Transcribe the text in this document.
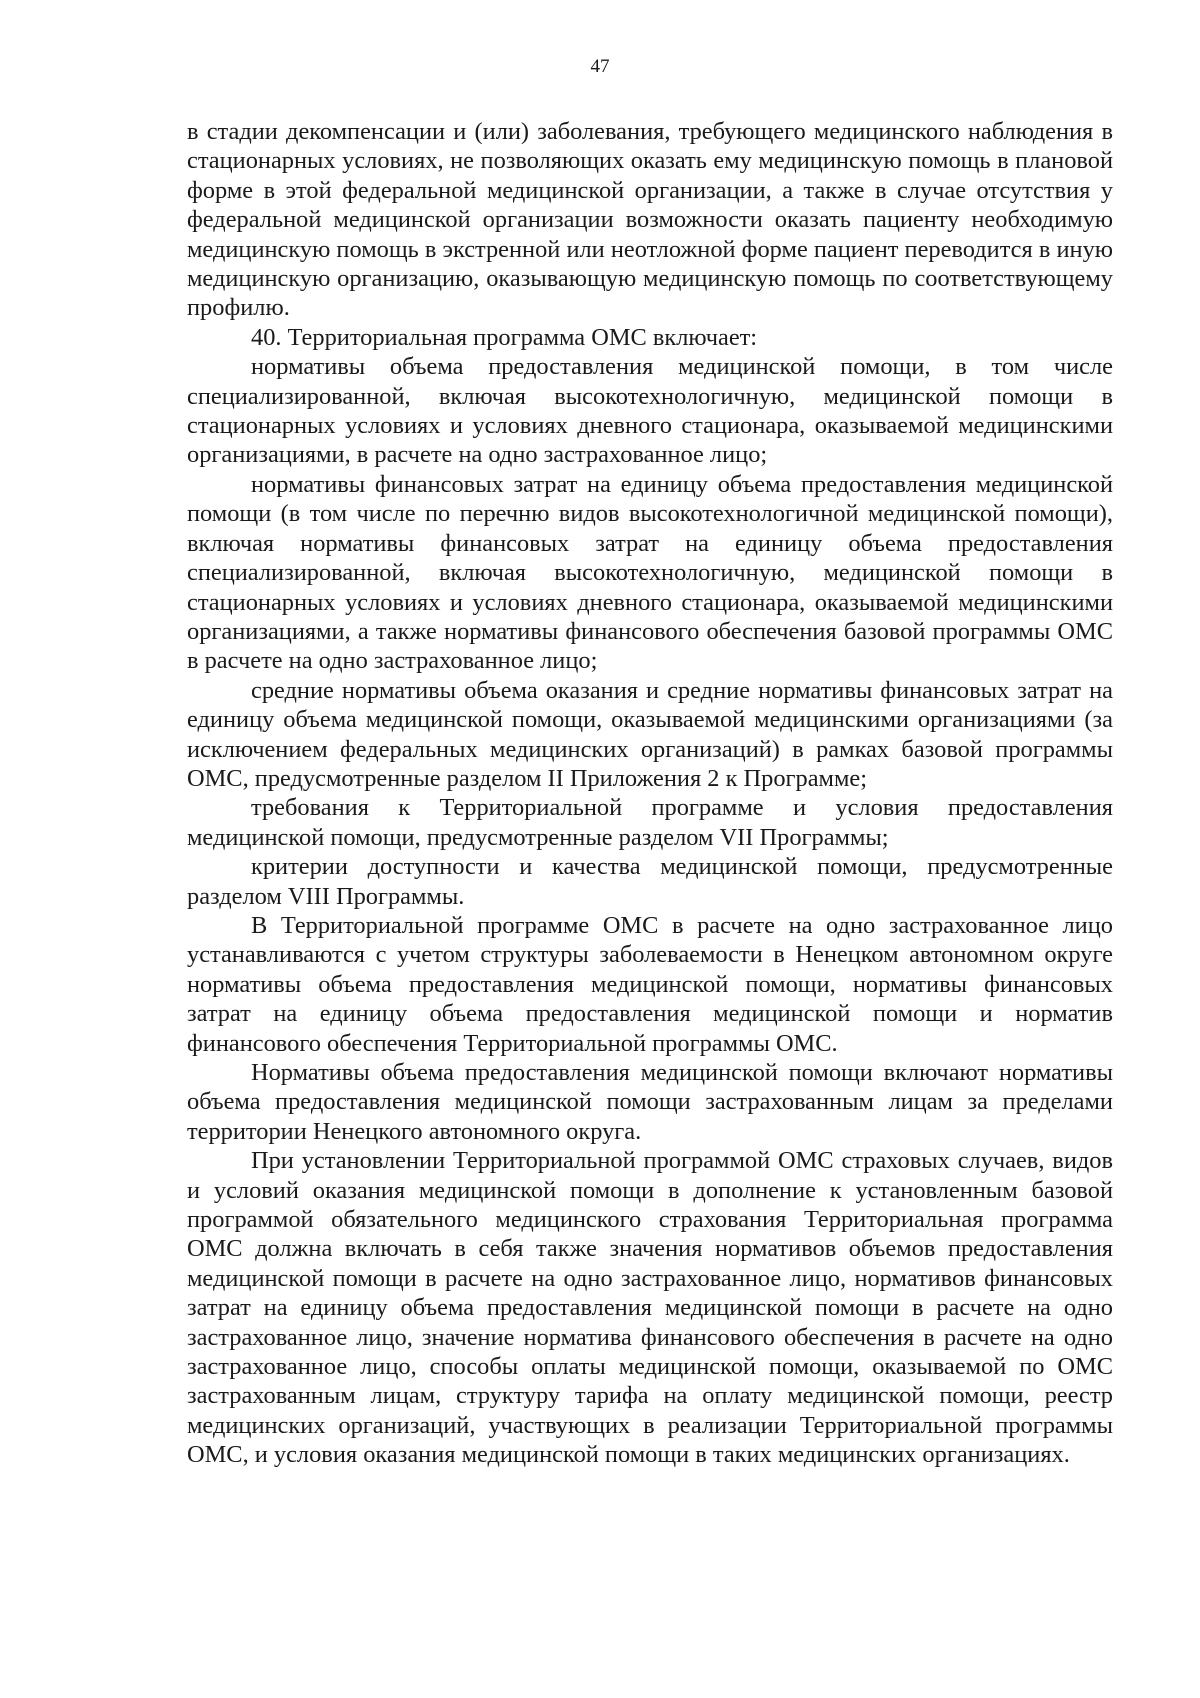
47

в стадии декомпенсации и (или) заболевания, требующего медицинского наблюдения в стационарных условиях, не позволяющих оказать ему медицинскую помощь в плановой форме в этой федеральной медицинской организации, а также в случае отсутствия у федеральной медицинской организации возможности оказать пациенту необходимую медицинскую помощь в экстренной или неотложной форме пациент переводится в иную медицинскую организацию, оказывающую медицинскую помощь по соответствующему профилю.

40. Территориальная программа ОМС включает:

нормативы объема предоставления медицинской помощи, в том числе специализированной, включая высокотехнологичную, медицинской помощи в стационарных условиях и условиях дневного стационара, оказываемой медицинскими организациями, в расчете на одно застрахованное лицо;

нормативы финансовых затрат на единицу объема предоставления медицинской помощи (в том числе по перечню видов высокотехнологичной медицинской помощи), включая нормативы финансовых затрат на единицу объема предоставления специализированной, включая высокотехнологичную, медицинской помощи в стационарных условиях и условиях дневного стационара, оказываемой медицинскими организациями, а также нормативы финансового обеспечения базовой программы ОМС в расчете на одно застрахованное лицо;

средние нормативы объема оказания и средние нормативы финансовых затрат на единицу объема медицинской помощи, оказываемой медицинскими организациями (за исключением федеральных медицинских организаций) в рамках базовой программы ОМС, предусмотренные разделом II Приложения 2 к Программе;

требования к Территориальной программе и условия предоставления медицинской помощи, предусмотренные разделом VII Программы;

критерии доступности и качества медицинской помощи, предусмотренные разделом VIII Программы.

В Территориальной программе ОМС в расчете на одно застрахованное лицо устанавливаются с учетом структуры заболеваемости в Ненецком автономном округе нормативы объема предоставления медицинской помощи, нормативы финансовых затрат на единицу объема предоставления медицинской помощи и норматив финансового обеспечения Территориальной программы ОМС.

Нормативы объема предоставления медицинской помощи включают нормативы объема предоставления медицинской помощи застрахованным лицам за пределами территории Ненецкого автономного округа.

При установлении Территориальной программой ОМС страховых случаев, видов и условий оказания медицинской помощи в дополнение к установленным базовой программой обязательного медицинского страхования Территориальная программа ОМС должна включать в себя также значения нормативов объемов предоставления медицинской помощи в расчете на одно застрахованное лицо, нормативов финансовых затрат на единицу объема предоставления медицинской помощи в расчете на одно застрахованное лицо, значение норматива финансового обеспечения в расчете на одно застрахованное лицо, способы оплаты медицинской помощи, оказываемой по ОМС застрахованным лицам, структуру тарифа на оплату медицинской помощи, реестр медицинских организаций, участвующих в реализации Территориальной программы ОМС, и условия оказания медицинской помощи в таких медицинских организациях.
